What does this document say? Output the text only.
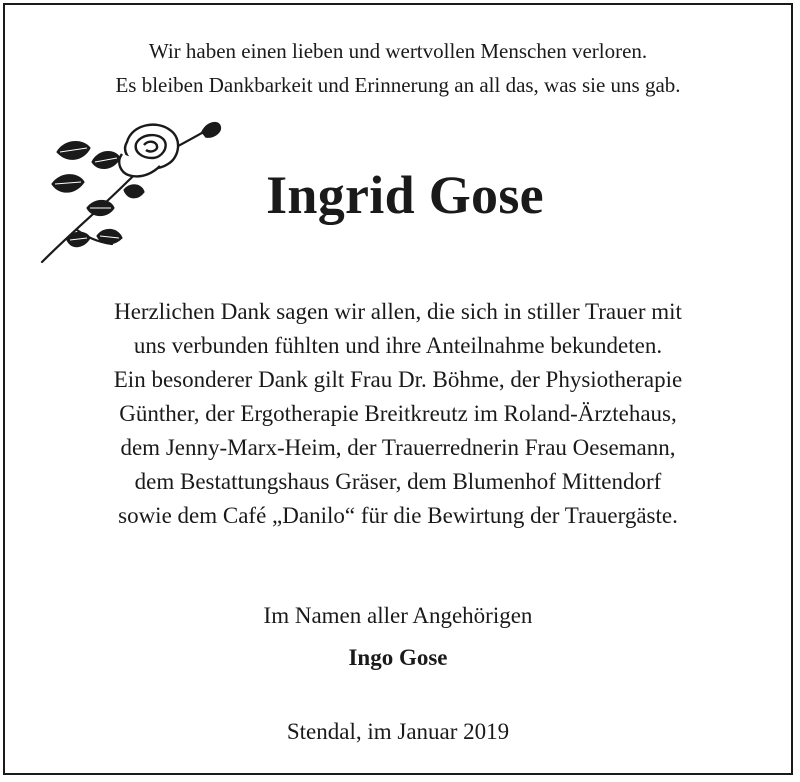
Wir haben einen lieben und wertvollen Menschen verloren.
Es bleiben Dankbarkeit und Erinnerung an all das, was sie uns gab.
Ingrid Gose
Herzlichen Dank sagen wir allen, die sich in stiller Trauer mit
uns verbunden fühlten und ihre Anteilnahme bekundeten.
Ein besonderer Dank gilt Frau Dr. Böhme, der Physiotherapie
Günther, der Ergotherapie Breitkreutz im Roland-Ärztehaus,
dem Jenny-Marx-Heim, der Trauerrednerin Frau Oesemann,
dem Bestattungshaus Gräser, dem Blumenhof Mittendorf
sowie dem Café „Danilo“ für die Bewirtung der Trauergäste.
Im Namen aller Angehörigen
Ingo Gose
Stendal, im Januar 2019
